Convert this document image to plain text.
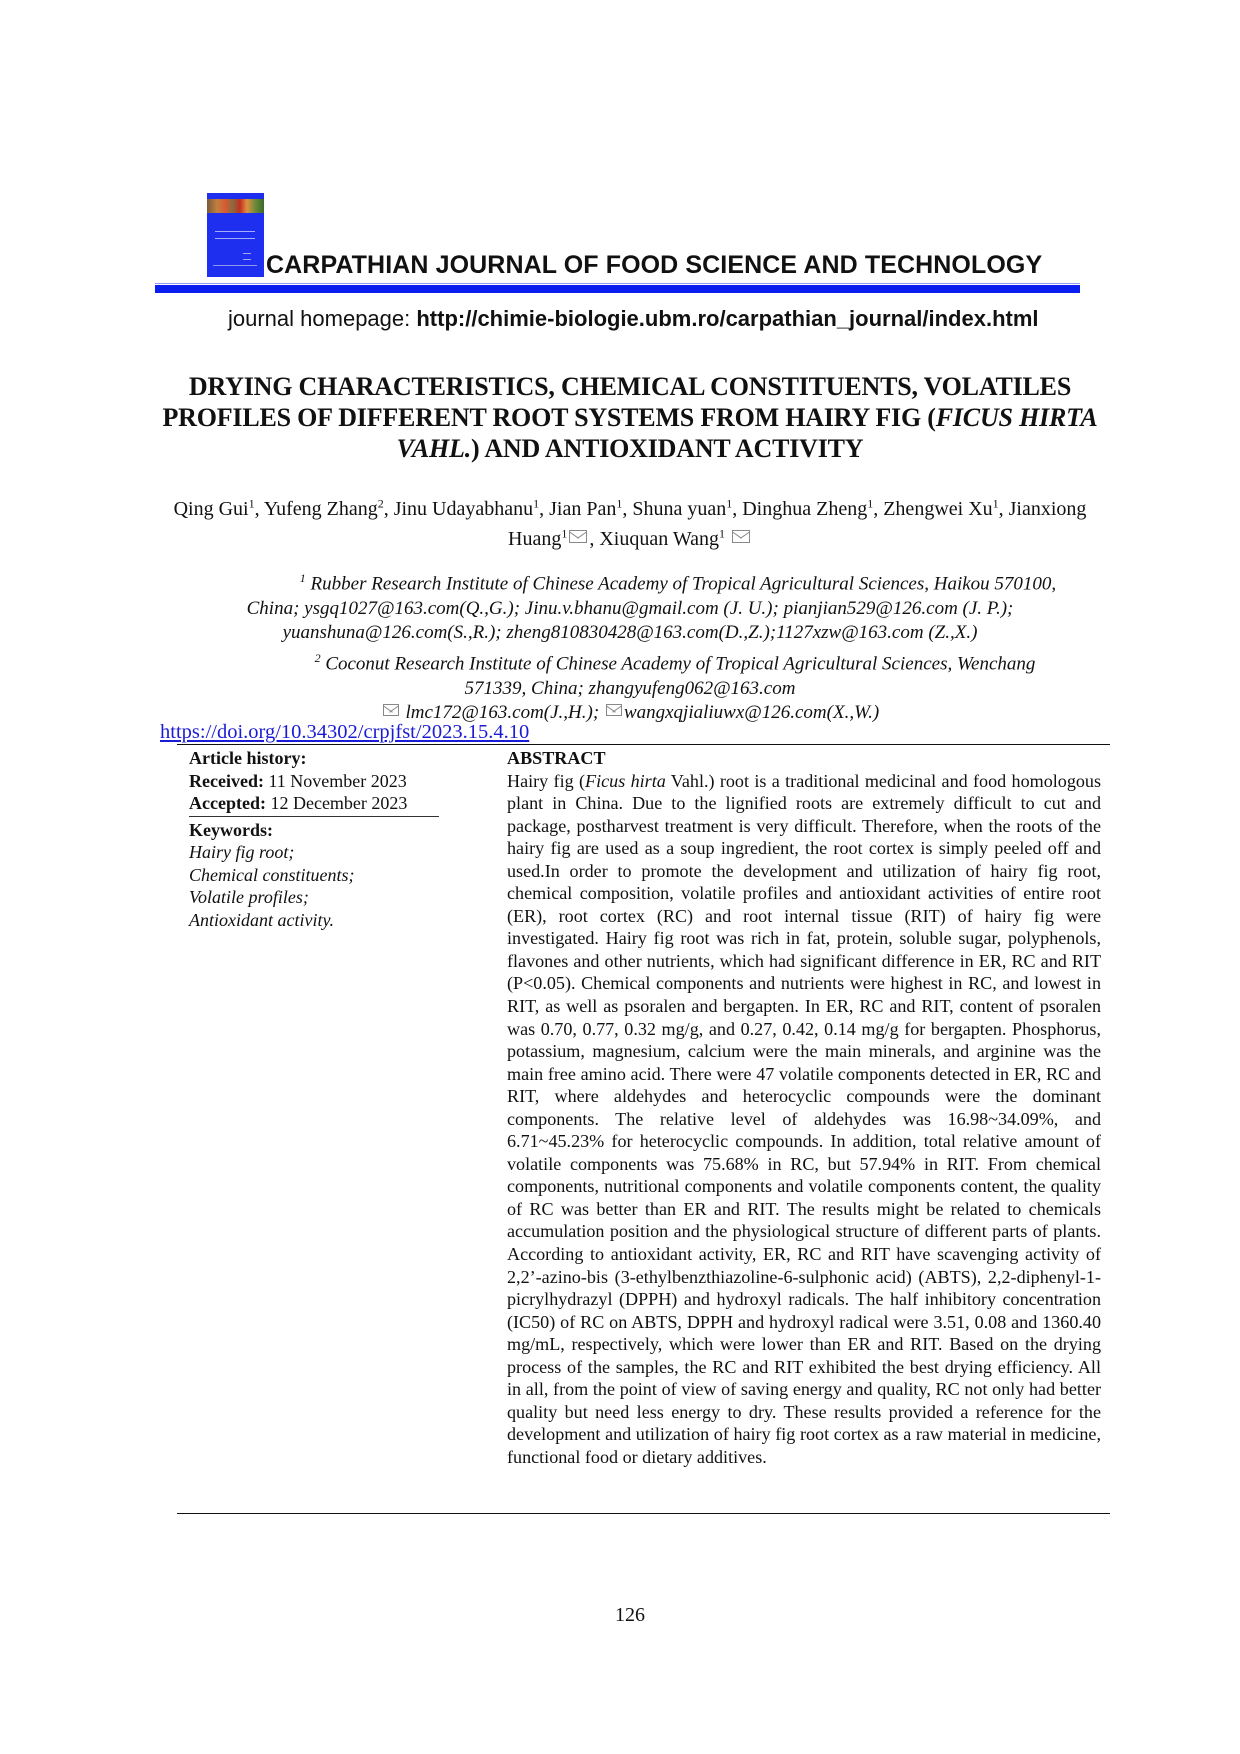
CARPATHIAN JOURNAL OF FOOD SCIENCE AND TECHNOLOGY
journal homepage: http://chimie-biologie.ubm.ro/carpathian_journal/index.html
DRYING CHARACTERISTICS, CHEMICAL CONSTITUENTS, VOLATILES PROFILES OF DIFFERENT ROOT SYSTEMS FROM HAIRY FIG (FICUS HIRTA VAHL.) AND ANTIOXIDANT ACTIVITY
Qing Gui$^1$, Yufeng Zhang$^2$, Jinu Udayabhanu$^1$, Jian Pan$^1$, Shuna yuan$^1$, Dinghua Zheng$^1$, Zhengwei Xu$^1$, Jianxiong Huang$^1$ , Xiuquan Wang$^1$
$^1$ Rubber Research Institute of Chinese Academy of Tropical Agricultural Sciences, Haikou 570100,
China; ysgq1027@163.com(Q.,G.); Jinu.v.bhanu@gmail.com (J. U.); pianjian529@126.com (J. P.);
yuanshuna@126.com(S.,R.); zheng810830428@163.com(D.,Z.);1127xzw@163.com (Z.,X.)
$^2$ Coconut Research Institute of Chinese Academy of Tropical Agricultural Sciences, Wenchang
571339, China; zhangyufeng062@163.com
lmc172@163.com(J.,H.); wangxqjialiuwx@126.com(X.,W.)
https://doi.org/10.34302/crpjfst/2023.15.4.10
Article history:
Received: 11 November 2023
Accepted: 12 December 2023
Keywords:
Hairy fig root;
Chemical constituents;
Volatile profiles;
Antioxidant activity.
ABSTRACT

Hairy fig (Ficus hirta Vahl.) root is a traditional medicinal and food homologous plant in China. Due to the lignified roots are extremely difficult to cut and package, postharvest treatment is very difficult. Therefore, when the roots of the hairy fig are used as a soup ingredient, the root cortex is simply peeled off and used.In order to promote the development and utilization of hairy fig root, chemical composition, volatile profiles and antioxidant activities of entire root (ER), root cortex (RC) and root internal tissue (RIT) of hairy fig were investigated. Hairy fig root was rich in fat, protein, soluble sugar, polyphenols, flavones and other nutrients, which had significant difference in ER, RC and RIT (P<0.05). Chemical components and nutrients were highest in RC, and lowest in RIT, as well as psoralen and bergapten. In ER, RC and RIT, content of psoralen was 0.70, 0.77, 0.32 mg/g, and 0.27, 0.42, 0.14 mg/g for bergapten. Phosphorus, potassium, magnesium, calcium were the main minerals, and arginine was the main free amino acid. There were 47 volatile components detected in ER, RC and RIT, where aldehydes and heterocyclic compounds were the dominant components. The relative level of aldehydes was 16.98~34.09%, and 6.71~45.23% for heterocyclic compounds. In addition, total relative amount of volatile components was 75.68% in RC, but 57.94% in RIT. From chemical components, nutritional components and volatile components content, the quality of RC was better than ER and RIT. The results might be related to chemicals accumulation position and the physiological structure of different parts of plants. According to antioxidant activity, ER, RC and RIT have scavenging activity of 2,2’-azino-bis (3-ethylbenzthiazoline-6-sulphonic acid) (ABTS), 2,2-diphenyl-1-picrylhydrazyl (DPPH) and hydroxyl radicals. The half inhibitory concentration (IC50) of RC on ABTS, DPPH and hydroxyl radical were 3.51, 0.08 and 1360.40 mg/mL, respectively, which were lower than ER and RIT. Based on the drying process of the samples, the RC and RIT exhibited the best drying efficiency. All in all, from the point of view of saving energy and quality, RC not only had better quality but need less energy to dry. These results provided a reference for the development and utilization of hairy fig root cortex as a raw material in medicine, functional food or dietary additives.

126
